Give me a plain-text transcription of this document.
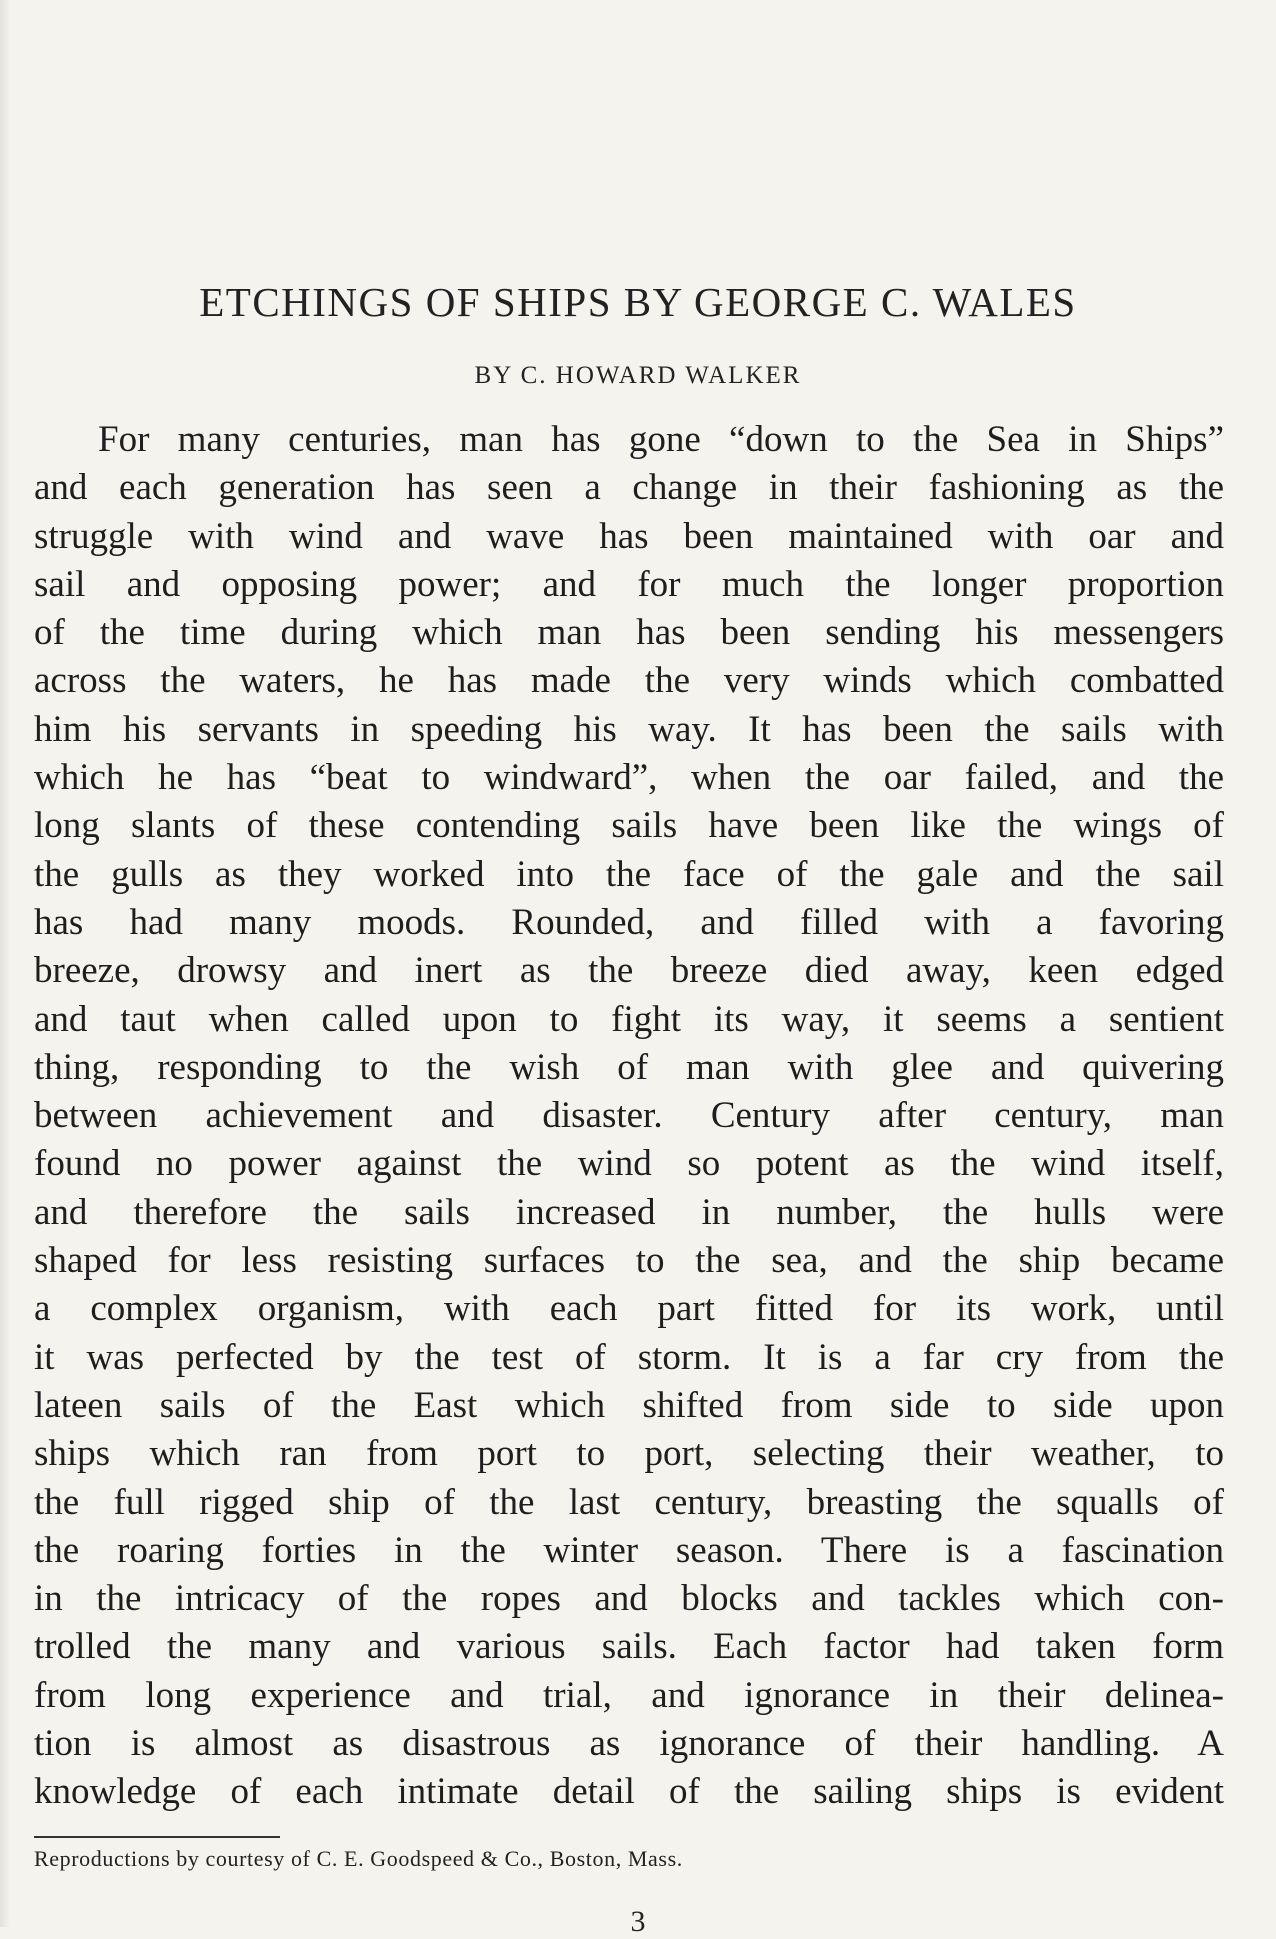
ETCHINGS OF SHIPS BY GEORGE C. WALES

BY C. HOWARD WALKER

For many centuries, man has gone “down to the Sea in Ships”
and each generation has seen a change in their fashioning as the
struggle with wind and wave has been maintained with oar and
sail and opposing power; and for much the longer proportion
of the time during which man has been sending his messengers
across the waters, he has made the very winds which combatted
him his servants in speeding his way. It has been the sails with
which he has “beat to windward”, when the oar failed, and the
long slants of these contending sails have been like the wings of
the gulls as they worked into the face of the gale and the sail
has had many moods. Rounded, and filled with a favoring
breeze, drowsy and inert as the breeze died away, keen edged
and taut when called upon to fight its way, it seems a sentient
thing, responding to the wish of man with glee and quivering
between achievement and disaster. Century after century, man
found no power against the wind so potent as the wind itself,
and therefore the sails increased in number, the hulls were
shaped for less resisting surfaces to the sea, and the ship became
a complex organism, with each part fitted for its work, until
it was perfected by the test of storm. It is a far cry from the
lateen sails of the East which shifted from side to side upon
ships which ran from port to port, selecting their weather, to
the full rigged ship of the last century, breasting the squalls of
the roaring forties in the winter season. There is a fascination
in the intricacy of the ropes and blocks and tackles which con-
trolled the many and various sails. Each factor had taken form
from long experience and trial, and ignorance in their delinea-
tion is almost as disastrous as ignorance of their handling. A
knowledge of each intimate detail of the sailing ships is evident

Reproductions by courtesy of C. E. Goodspeed & Co., Boston, Mass.

3
